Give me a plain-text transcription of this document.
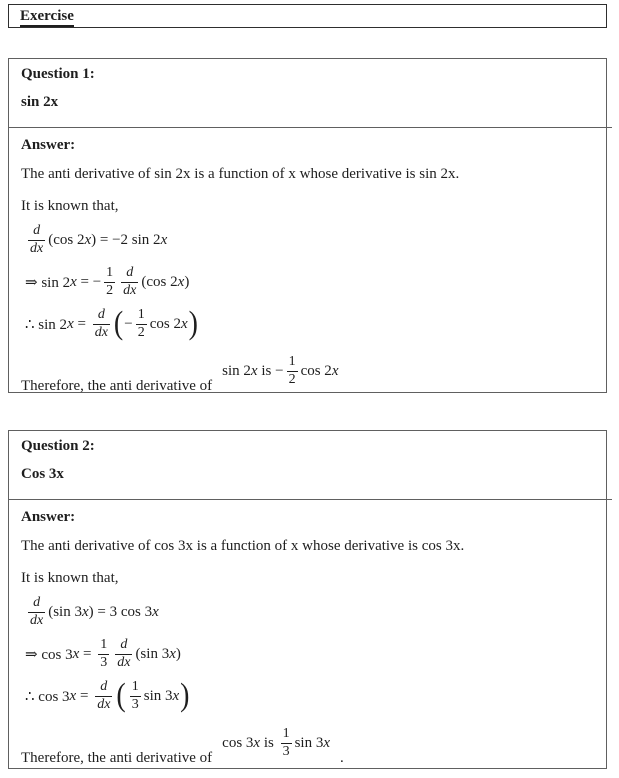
Exercise

Question 1:

sin 2x

Answer:

The anti derivative of sin 2x is a function of x whose derivative is sin 2x.

It is known that,

$\frac{d}{dx} (\cos$ 2 x ) = −2 sin 2 x
⇒ sin 2 x = − $\frac{1}{2} \frac{d}{dx} (\cos$ 2 x )
∴ sin 2 $x = \frac{d}{dx}$ ( − $\frac{1}{2}$ cos 2 x )
Therefore, the anti derivative of
sin 2 x is − $\frac{1}{2}$ cos 2 x

Question 2:

Cos 3x

Answer:

The anti derivative of cos 3x is a function of x whose derivative is cos 3x.

It is known that,

$\frac{d}{dx} (\sin$ 3 x ) = 3 cos 3 x
⇒ cos 3 $x = \frac{1}{3} \frac{d}{dx} (\sin$ 3 x )
∴ cos 3 $x = \frac{d}{dx}$ ( $\frac{1}{3}$ sin 3 x )
Therefore, the anti derivative of
cos 3 x is $\frac{1}{3}$ sin 3 x
.
